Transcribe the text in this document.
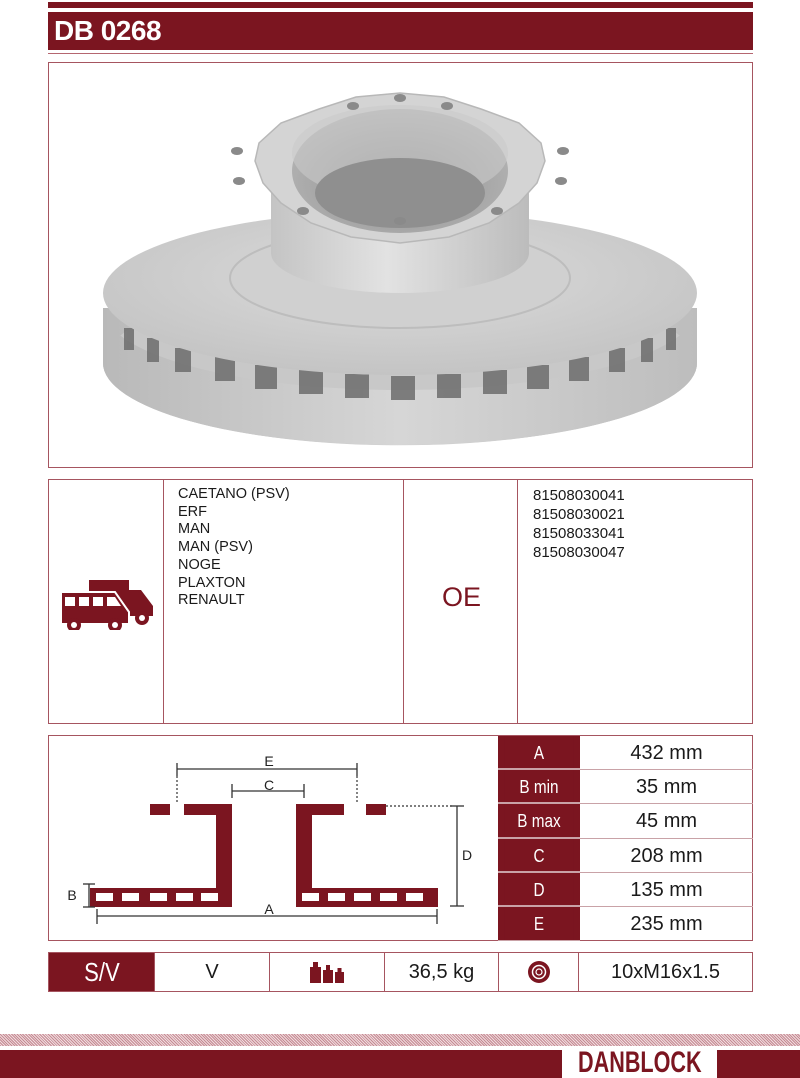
DB 0268
CAETANO (PSV)
ERF
MAN
MAN (PSV)
NOGE
PLAXTON
RENAULT	OE
81508030041
81508030021
81508033041
81508030047
E
C
D
A
B
A	432 mm
B min	35 mm
B max	45 mm
C	208 mm
D	135 mm
E	235 mm
S/V	V	36,5 kg	10xM16x1.5
DANBLOCK
